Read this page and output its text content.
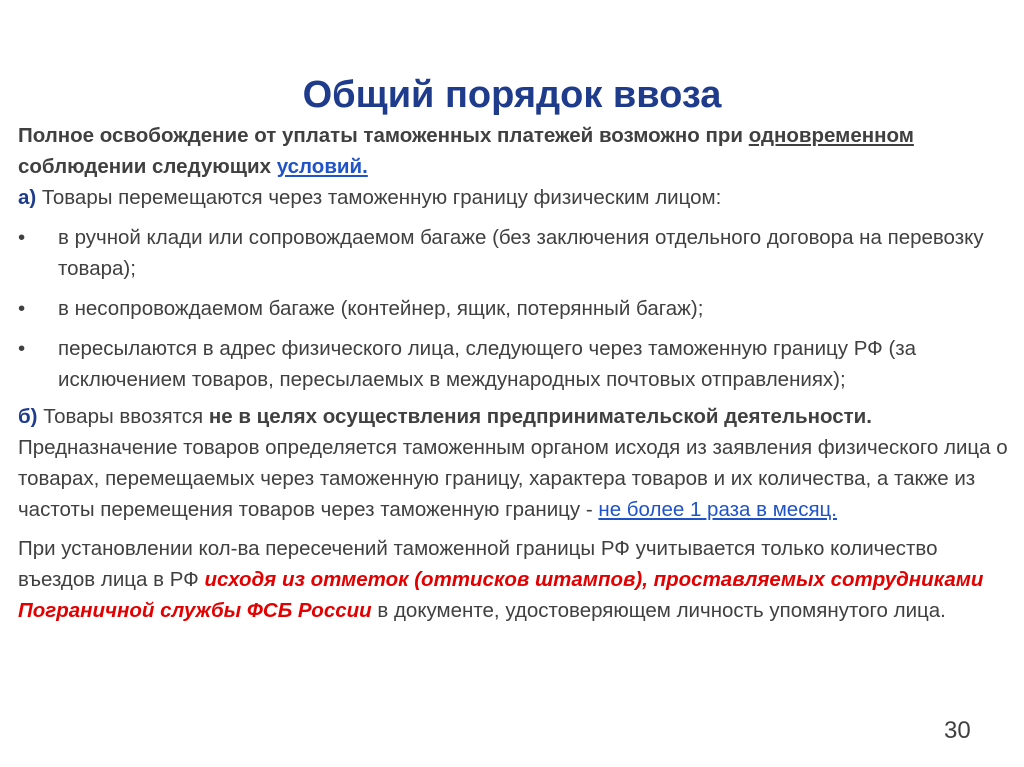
Общий порядок ввоза

Полное освобождение от уплаты таможенных платежей возможно при одновременном
соблюдении следующих условий.

а) Товары перемещаются через таможенную границу физическим лицом:

•	в ручной клади или сопровождаемом багаже (без заключения отдельного договора на перевозку товара);
•	в несопровождаемом багаже (контейнер, ящик, потерянный багаж);
•	пересылаются в адрес физического лица, следующего через таможенную границу РФ (за исключением товаров, пересылаемых в международных почтовых отправлениях);

б) Товары ввозятся не в целях осуществления предпринимательской деятельности. Предназначение товаров определяется таможенным органом исходя из заявления физического лица о товарах, перемещаемых через таможенную границу, характера товаров и их количества, а также из частоты перемещения товаров через таможенную границу - не более 1 раза в месяц.

При установлении кол-ва пересечений таможенной границы РФ учитывается только количество въездов лица в РФ исходя из отметок (оттисков штампов), проставляемых сотрудниками Пограничной службы ФСБ России в документе, удостоверяющем личность упомянутого лица.

30
